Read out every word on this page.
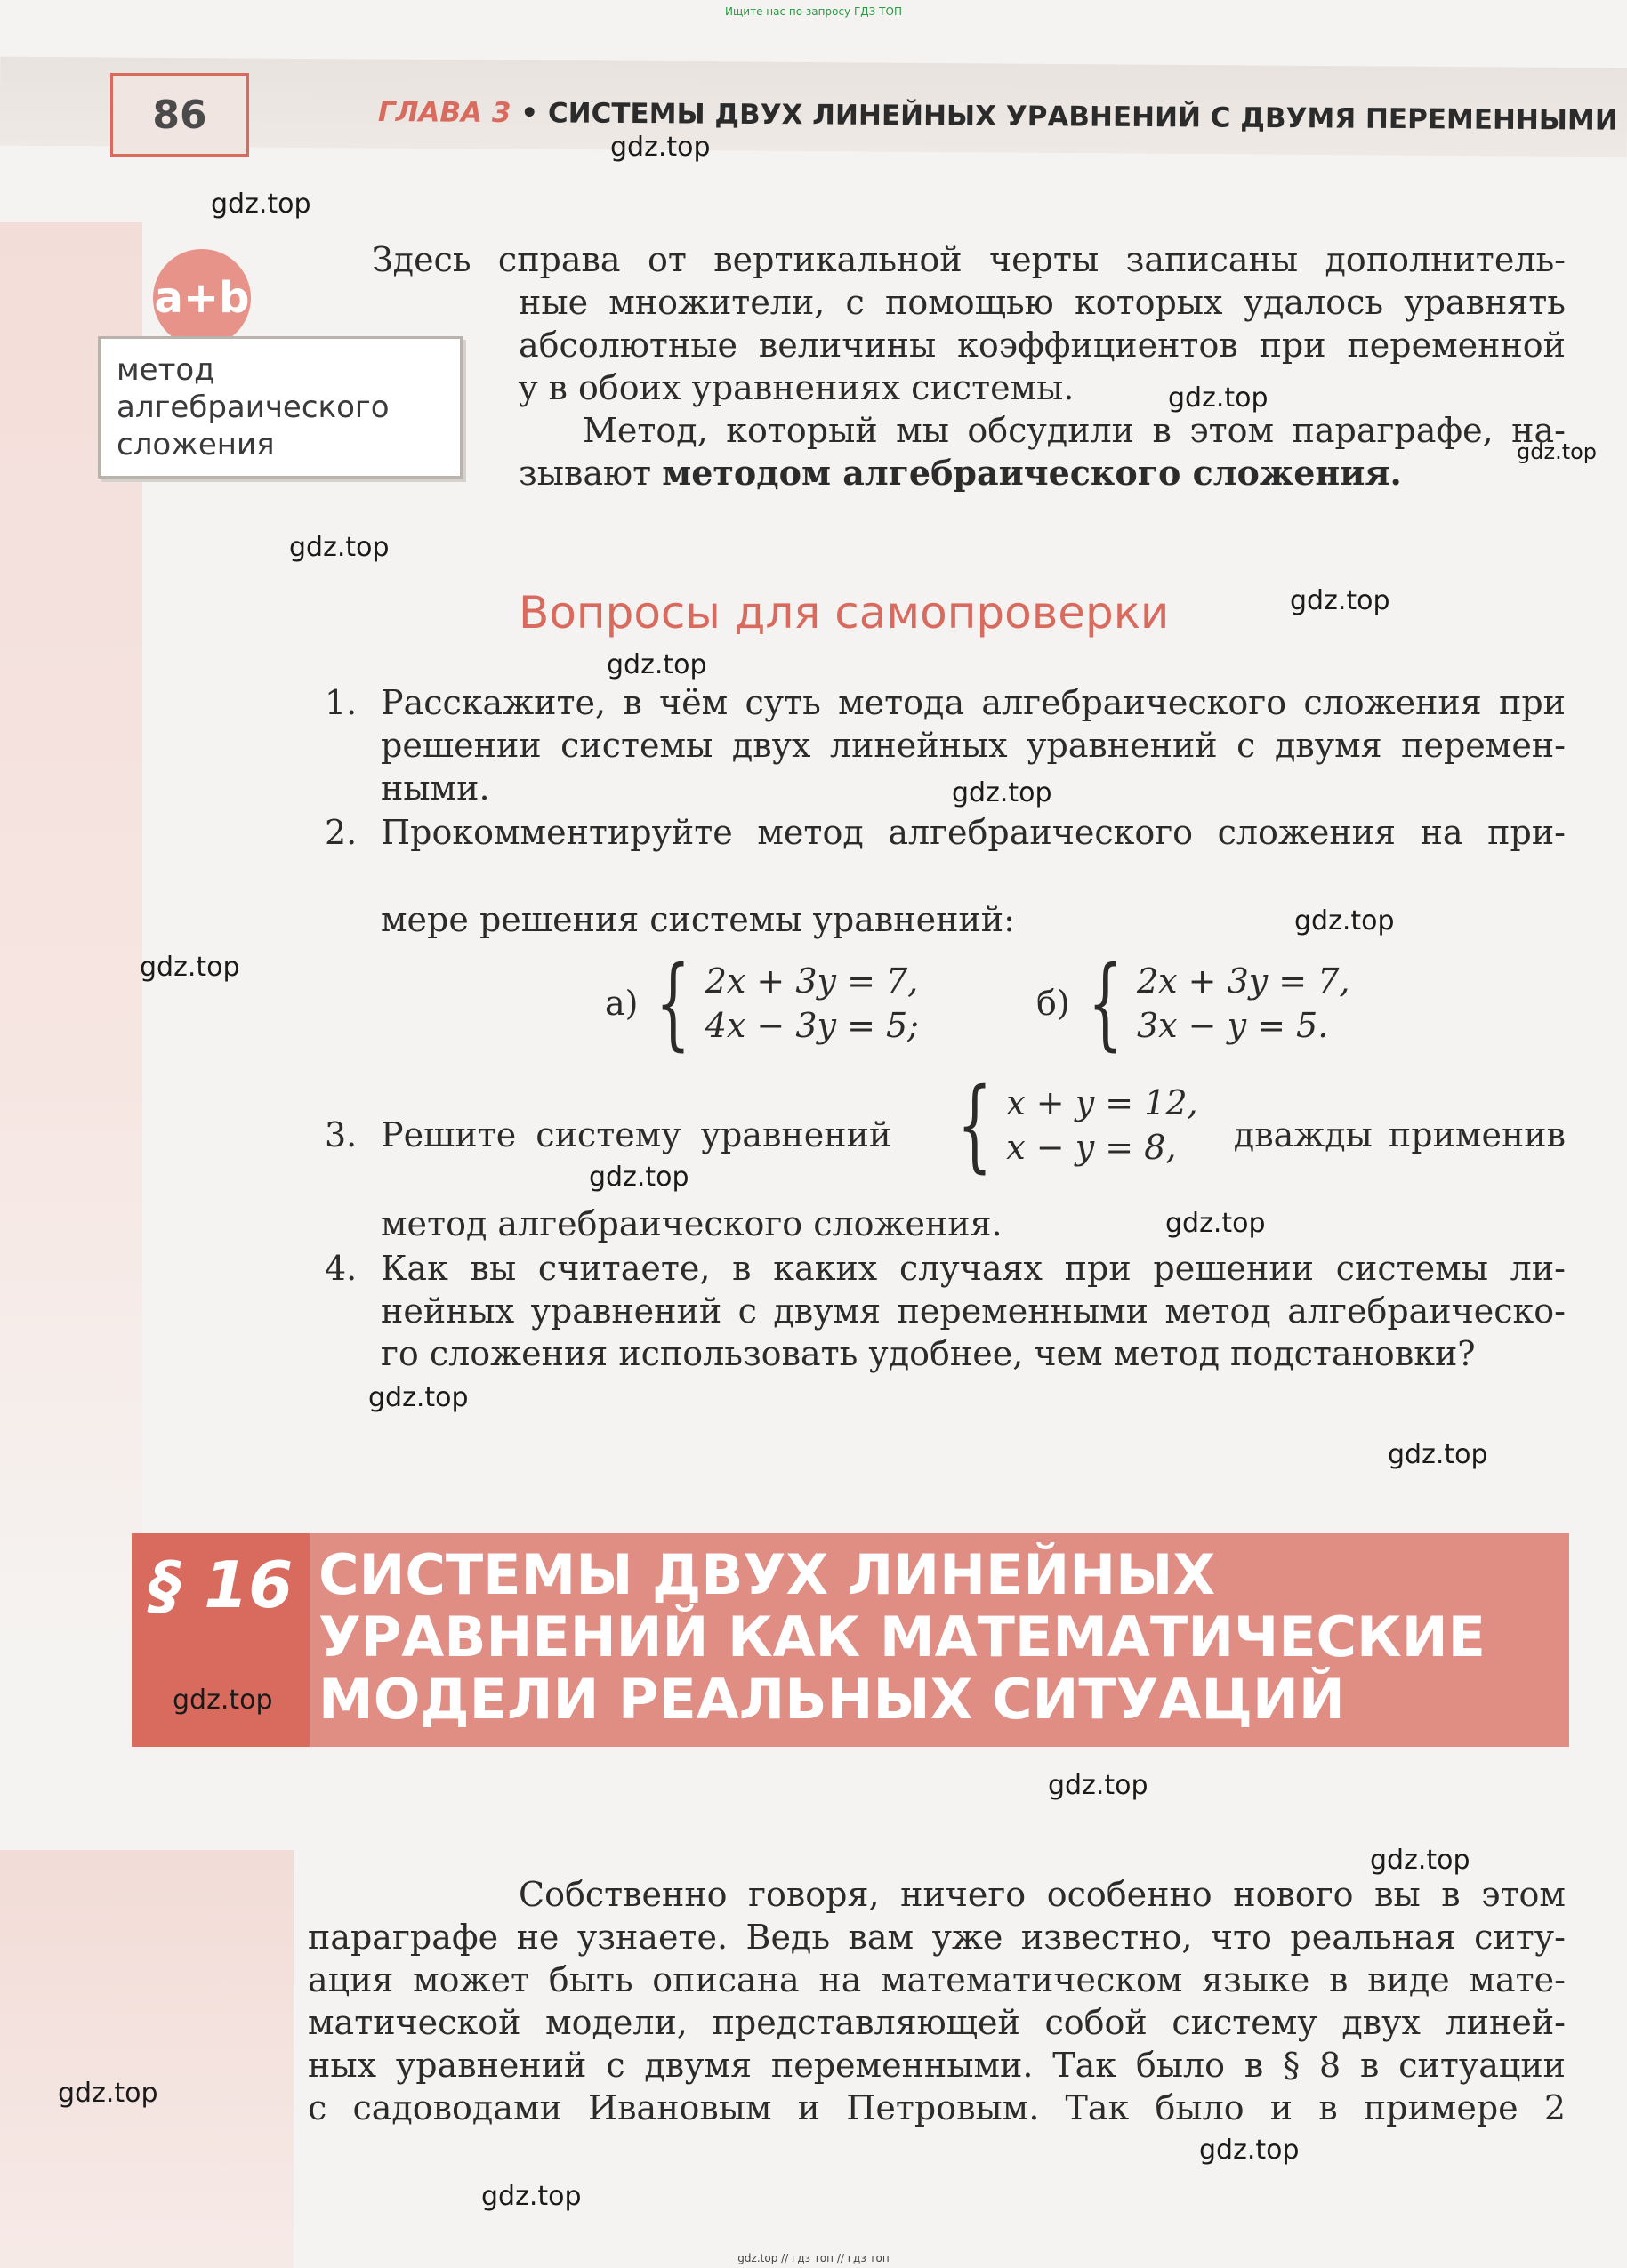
Ищите нас по запросу ГДЗ ТОП
86	ГЛАВА 3 • СИСТЕМЫ ДВУХ ЛИНЕЙНЫХ УРАВНЕНИЙ С ДВУМЯ ПЕРЕМЕННЫМИ
a+b
метод
алгебраического
сложения
Здесь справа от вертикальной черты записаны дополнитель-
ные множители, с помощью которых удалось уравнять
абсолютные величины коэффициентов при переменной
y в обоих уравнениях системы.
Метод, который мы обсудили в этом параграфе, на-
зывают методом алгебраического сложения.
Вопросы для самопроверки
1. Расскажите, в чём суть метода алгебраического сложения при
решении системы двух линейных уравнений с двумя перемен-
ными.
2. Прокомментируйте метод алгебраического сложения на при-
мере решения системы уравнений:
а) { 2x + 3y = 7,
4x − 3y = 5;
б) { 2x + 3y = 7,
3x − y = 5.
3. Решите систему уравнений { x + y = 12,
x − y = 8,	дважды применив
метод алгебраического сложения.
4. Как вы считаете, в каких случаях при решении системы ли-
нейных уравнений с двумя переменными метод алгебраическо-
го сложения использовать удобнее, чем метод подстановки?
§ 16 СИСТЕМЫ ДВУХ ЛИНЕЙНЫХ
УРАВНЕНИЙ КАК МАТЕМАТИЧЕСКИЕ
МОДЕЛИ РЕАЛЬНЫХ СИТУАЦИЙ
Собственно говоря, ничего особенно нового вы в этом
параграфе не узнаете. Ведь вам уже известно, что реальная ситу-
ация может быть описана на математическом языке в виде мате-
матической модели, представляющей собой систему двух линей-
ных уравнений с двумя переменными. Так было в § 8 в ситуации
с садоводами Ивановым и Петровым. Так было и в примере 2
gdz.top
gdz.top
gdz.top
gdz.top
gdz.top
gdz.top
gdz.top
gdz.top
gdz.top
gdz.top
gdz.top
gdz.top
gdz.top
gdz.top
gdz.top
gdz.top
gdz.top
gdz.top
gdz.top
gdz.top
gdz.top // гдз топ // гдз топ
